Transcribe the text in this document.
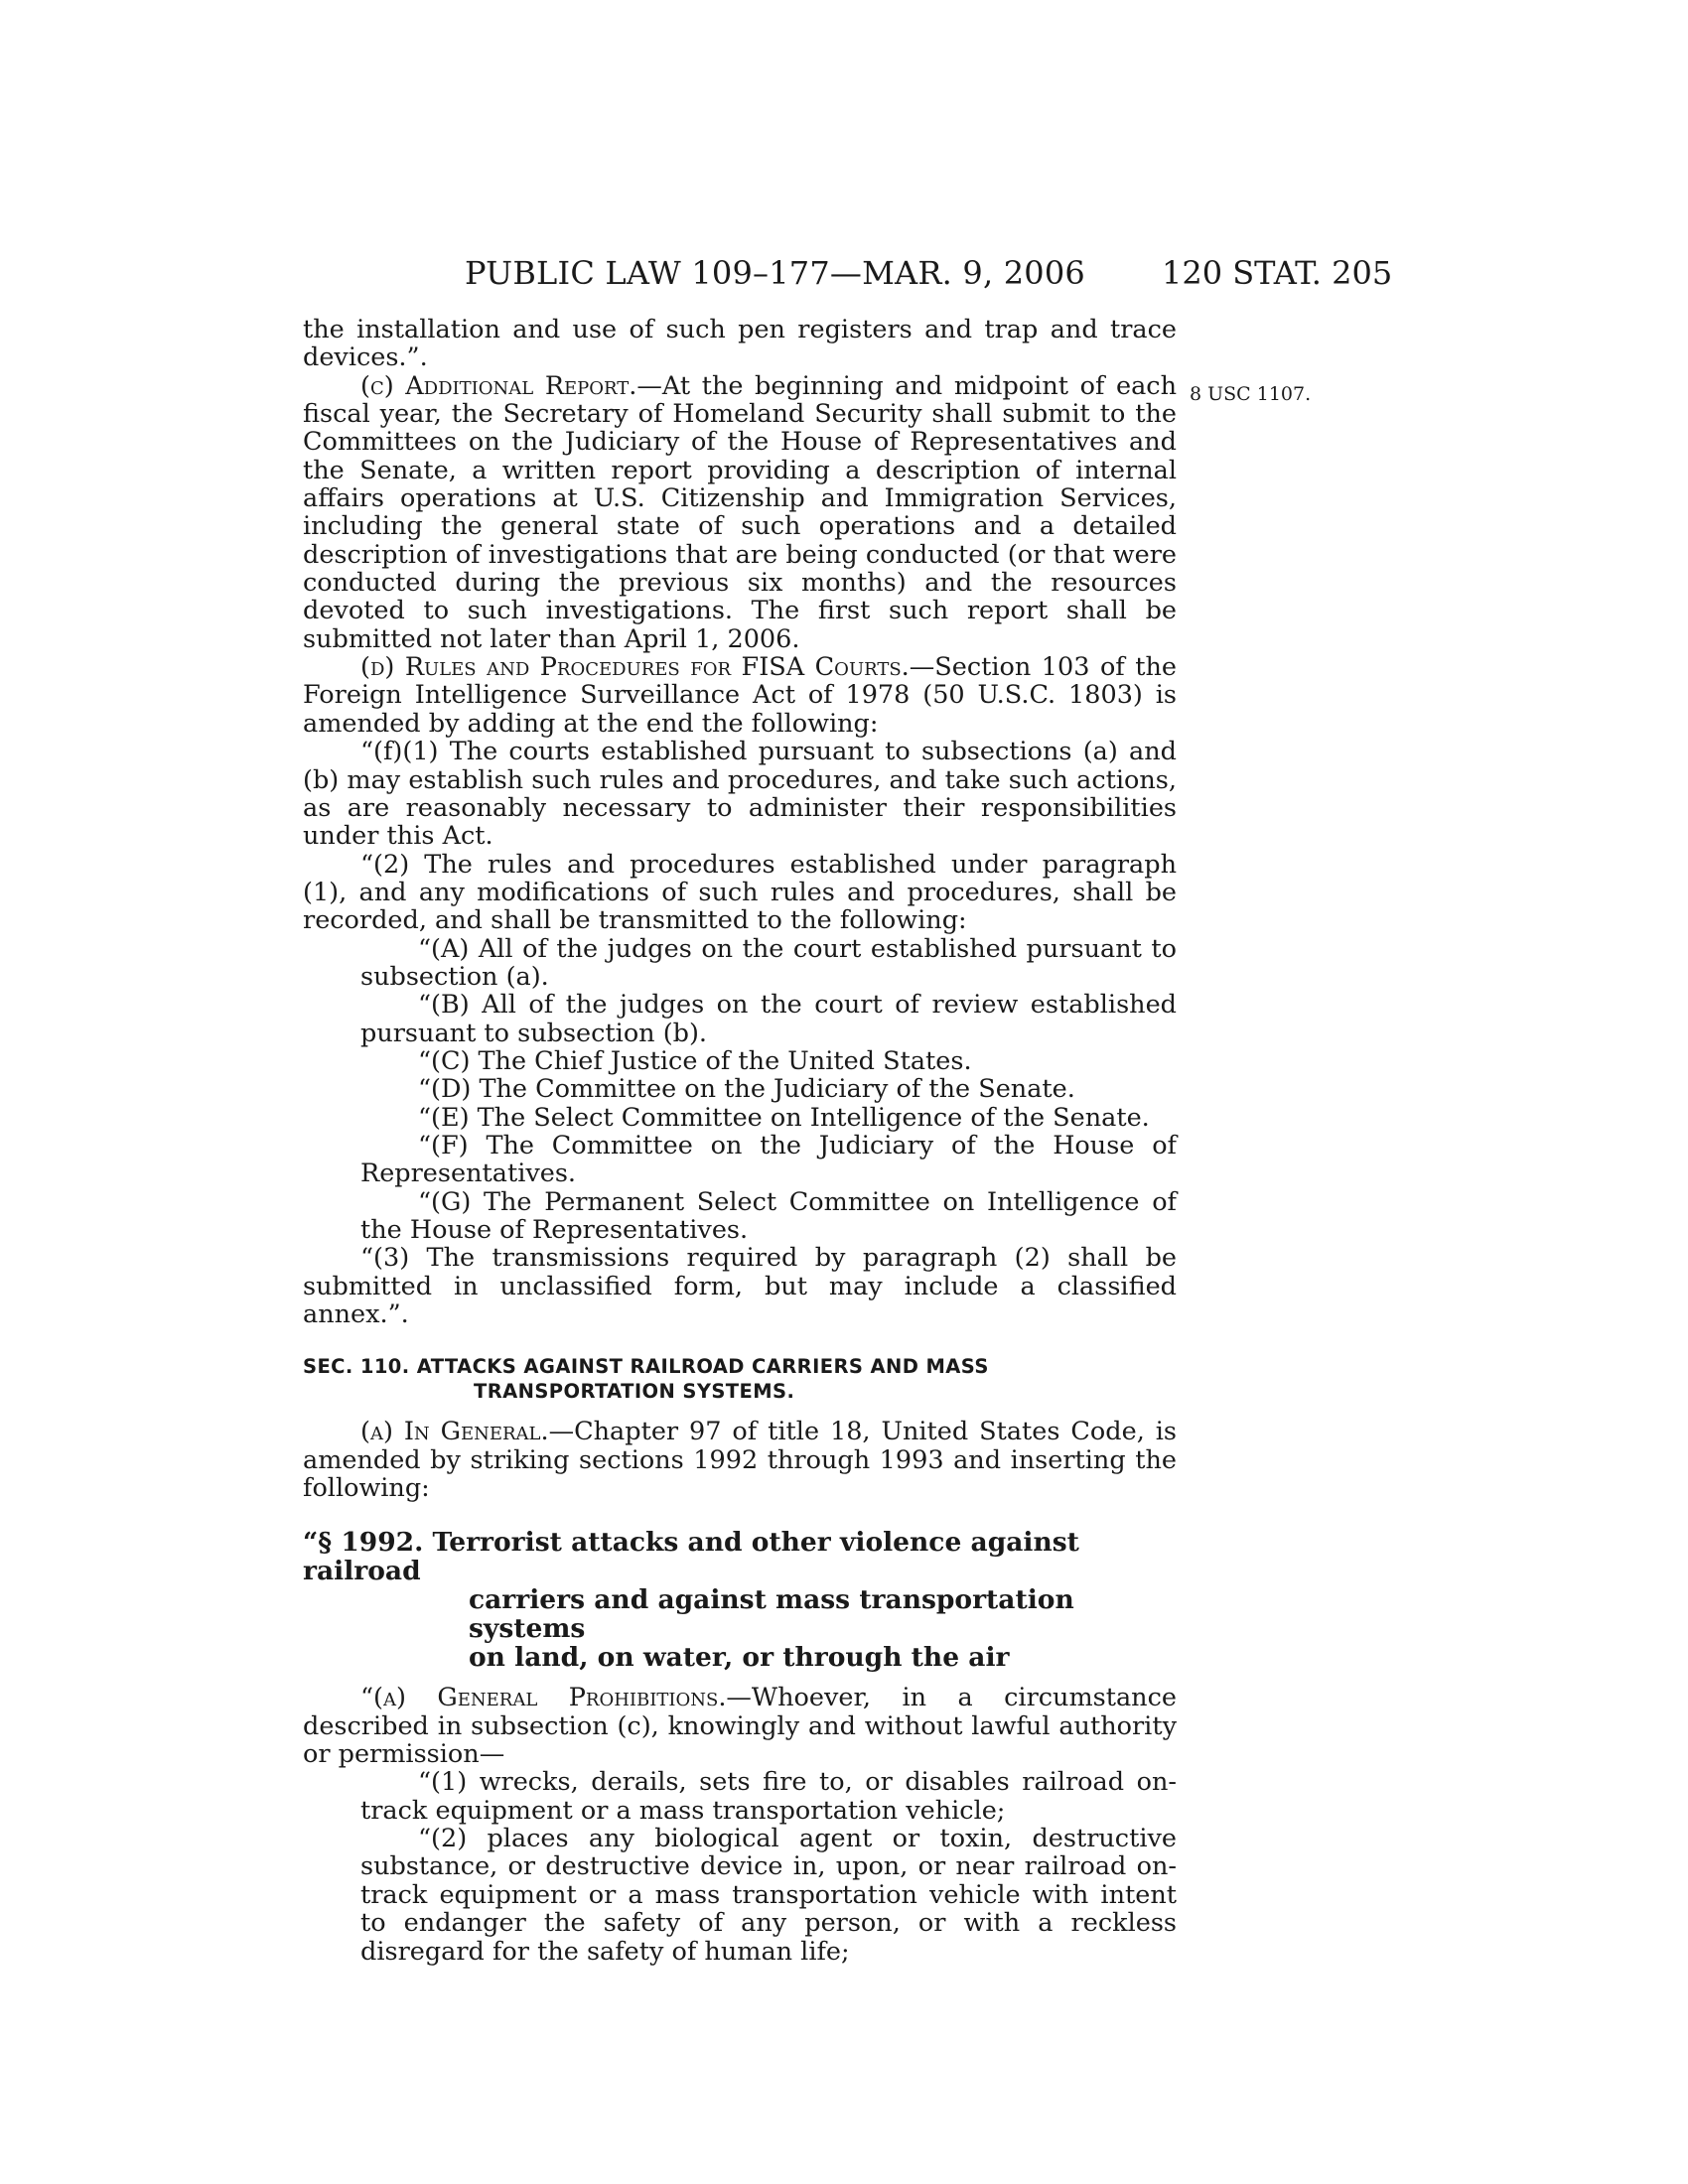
PUBLIC LAW 109–177—MAR. 9, 2006 120 STAT. 205
8 USC 1107.

the installation and use of such pen registers and trap and trace devices.”.

(c) Additional Report.—At the beginning and midpoint of each fiscal year, the Secretary of Homeland Security shall submit to the Committees on the Judiciary of the House of Representatives and the Senate, a written report providing a description of internal affairs operations at U.S. Citizenship and Immigration Services, including the general state of such operations and a detailed description of investigations that are being conducted (or that were conducted during the previous six months) and the resources devoted to such investigations. The first such report shall be submitted not later than April 1, 2006.

(d) Rules and Procedures for FISA Courts.—Section 103 of the Foreign Intelligence Surveillance Act of 1978 (50 U.S.C. 1803) is amended by adding at the end the following:

“(f)(1) The courts established pursuant to subsections (a) and (b) may establish such rules and procedures, and take such actions, as are reasonably necessary to administer their responsibilities under this Act.

“(2) The rules and procedures established under paragraph (1), and any modifications of such rules and procedures, shall be recorded, and shall be transmitted to the following:

“(A) All of the judges on the court established pursuant to subsection (a).

“(B) All of the judges on the court of review established pursuant to subsection (b).

“(C) The Chief Justice of the United States.

“(D) The Committee on the Judiciary of the Senate.

“(E) The Select Committee on Intelligence of the Senate.

“(F) The Committee on the Judiciary of the House of Representatives.

“(G) The Permanent Select Committee on Intelligence of the House of Representatives.

“(3) The transmissions required by paragraph (2) shall be submitted in unclassified form, but may include a classified annex.”.

SEC. 110. ATTACKS AGAINST RAILROAD CARRIERS AND MASS
TRANSPORTATION SYSTEMS.

(a) In General.—Chapter 97 of title 18, United States Code, is amended by striking sections 1992 through 1993 and inserting the following:

“§ 1992. Terrorist attacks and other violence against railroad
carriers and against mass transportation systems
on land, on water, or through the air

“(a) General Prohibitions.—Whoever, in a circumstance described in subsection (c), knowingly and without lawful authority or permission—

“(1) wrecks, derails, sets fire to, or disables railroad on-track equipment or a mass transportation vehicle;

“(2) places any biological agent or toxin, destructive substance, or destructive device in, upon, or near railroad on-track equipment or a mass transportation vehicle with intent to endanger the safety of any person, or with a reckless disregard for the safety of human life;
